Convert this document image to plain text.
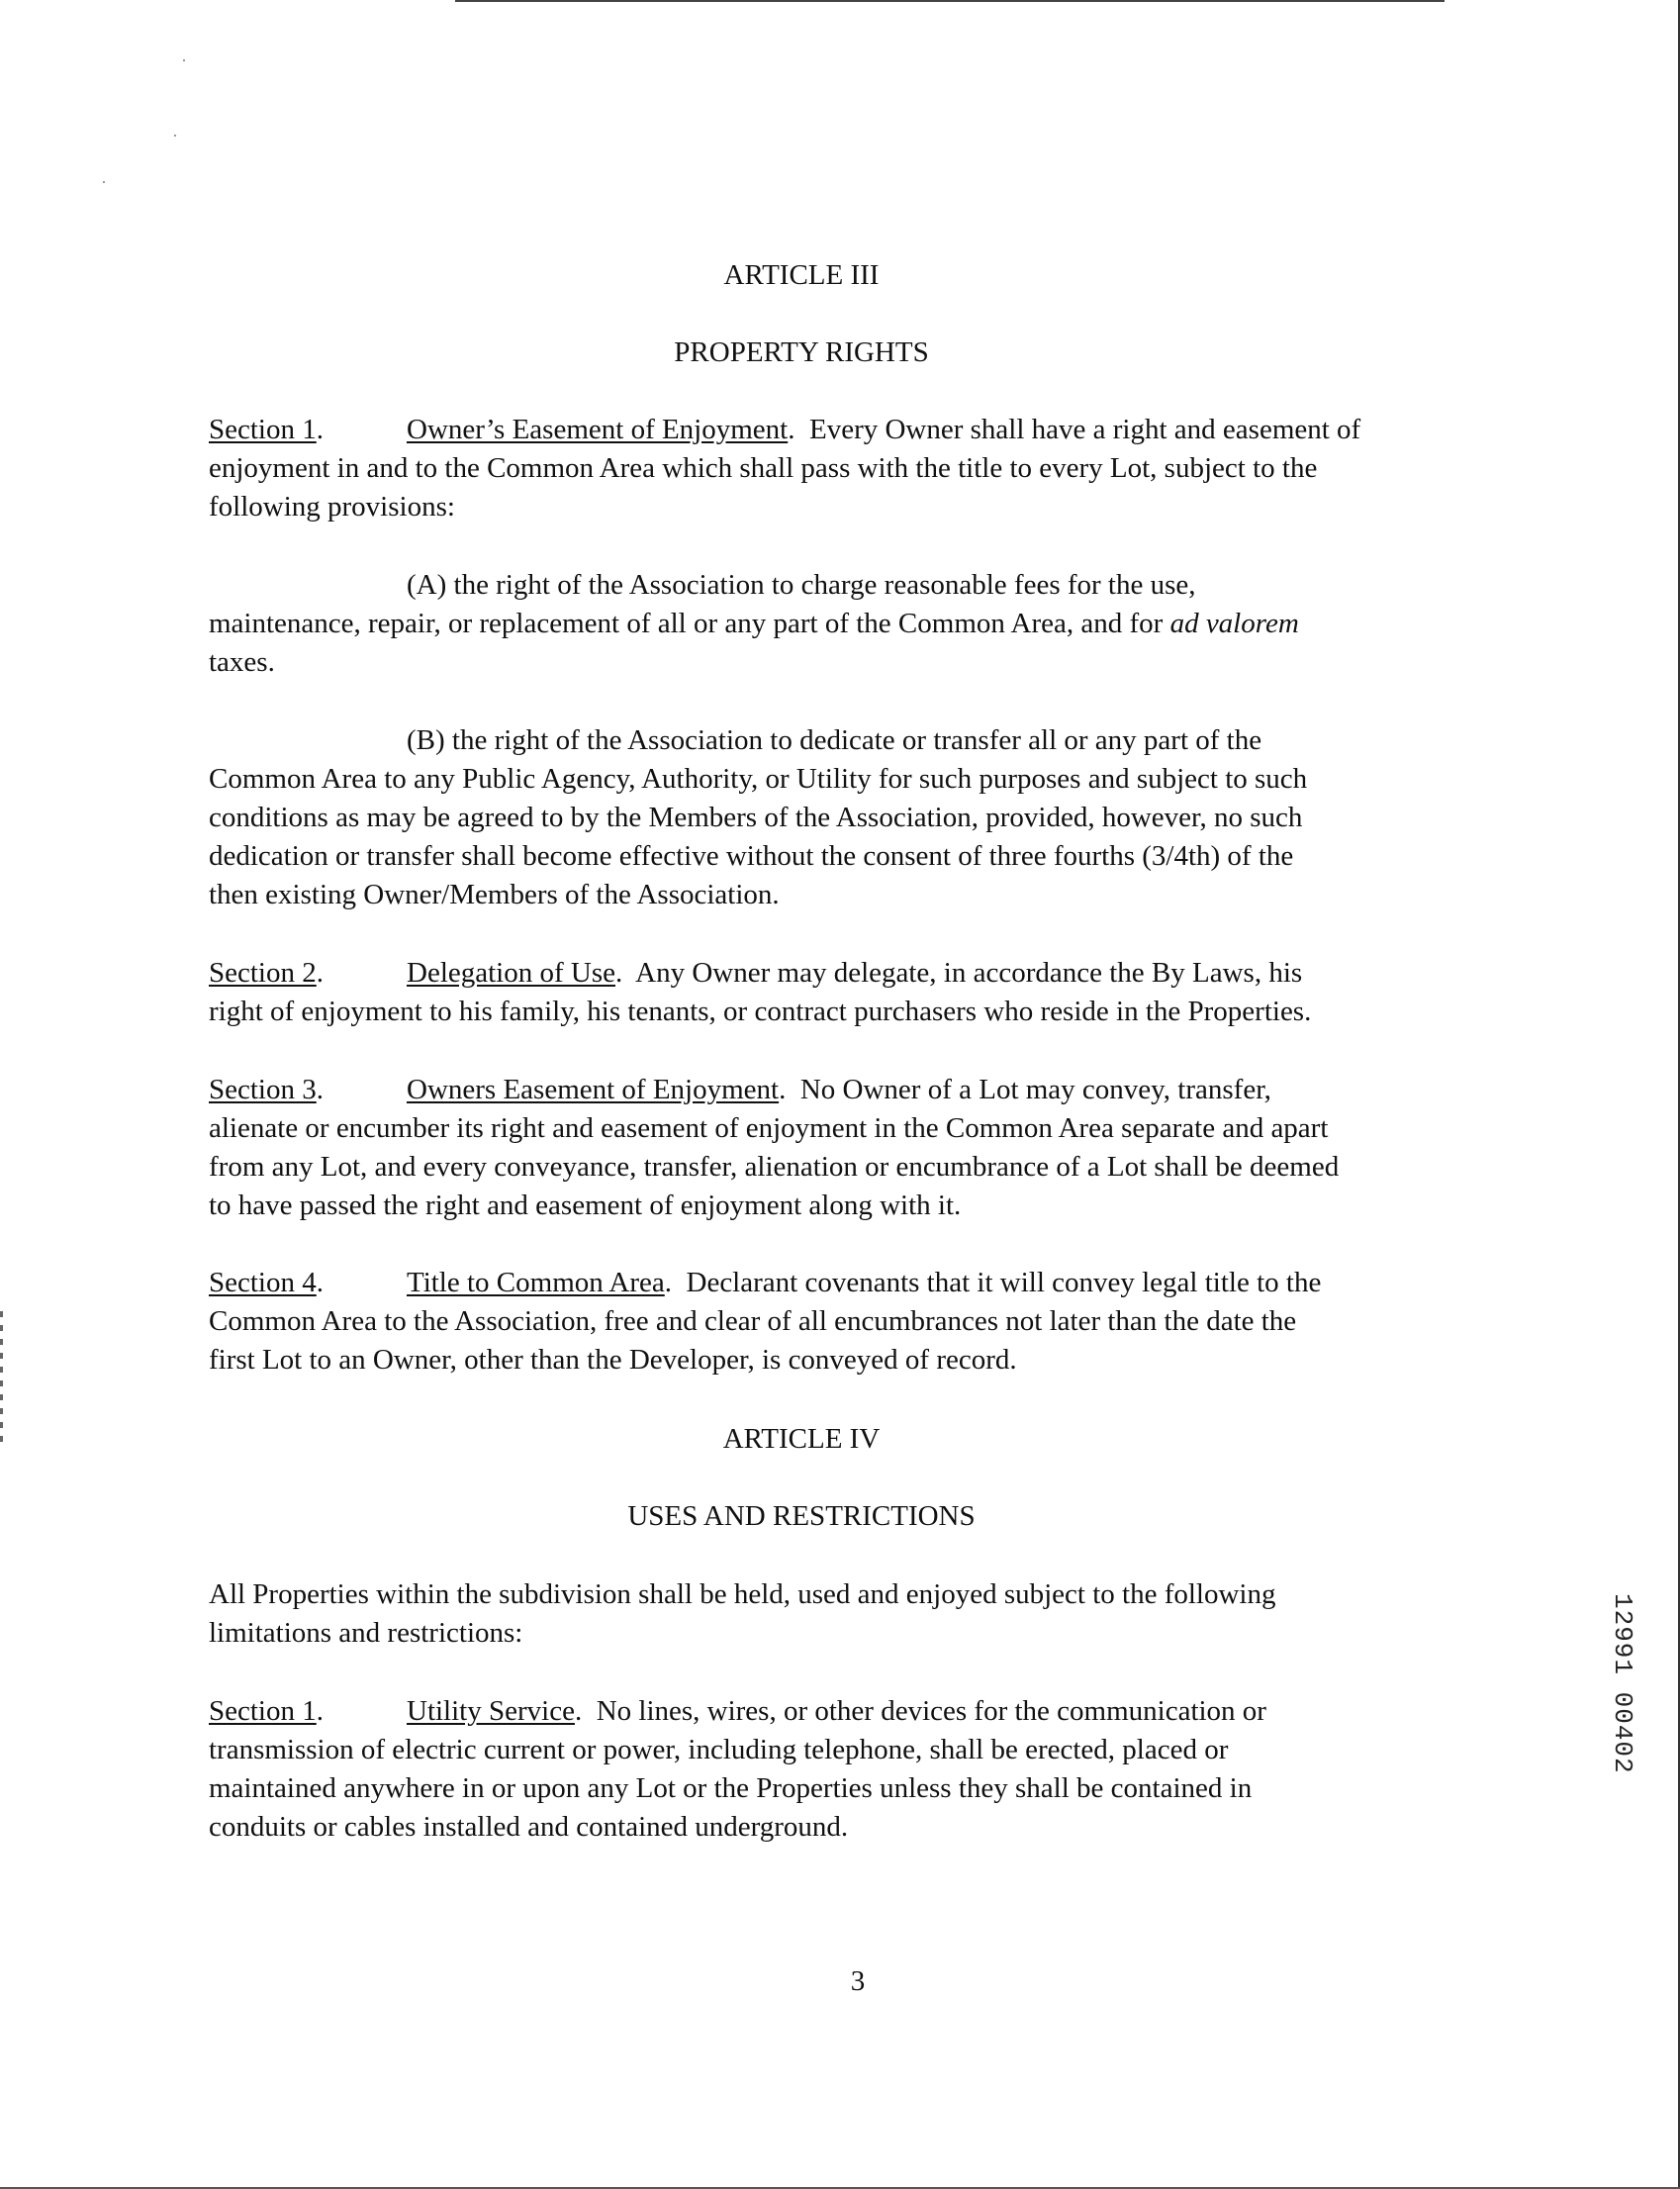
ARTICLE III
PROPERTY RIGHTS

Section 1.	Owner’s Easement of Enjoyment.  Every Owner shall have a right and easement of

enjoyment in and to the Common Area which shall pass with the title to every Lot, subject to the

following provisions:

(A) the right of the Association to charge reasonable fees for the use,

maintenance, repair, or replacement of all or any part of the Common Area, and for ad valorem

taxes.

(B) the right of the Association to dedicate or transfer all or any part of the

Common Area to any Public Agency, Authority, or Utility for such purposes and subject to such

conditions as may be agreed to by the Members of the Association, provided, however, no such

dedication or transfer shall become effective without the consent of three fourths (3/4th) of the

then existing Owner/Members of the Association.

Section 2.	Delegation of Use.  Any Owner may delegate, in accordance the By Laws, his

right of enjoyment to his family, his tenants, or contract purchasers who reside in the Properties.

Section 3.	Owners Easement of Enjoyment.  No Owner of a Lot may convey, transfer,

alienate or encumber its right and easement of enjoyment in the Common Area separate and apart

from any Lot, and every conveyance, transfer, alienation or encumbrance of a Lot shall be deemed

to have passed the right and easement of enjoyment along with it.

Section 4.	Title to Common Area.  Declarant covenants that it will convey legal title to the

Common Area to the Association, free and clear of all encumbrances not later than the date the

first Lot to an Owner, other than the Developer, is conveyed of record.

ARTICLE IV
USES AND RESTRICTIONS

All Properties within the subdivision shall be held, used and enjoyed subject to the following

limitations and restrictions:

Section 1.	Utility Service.  No lines, wires, or other devices for the communication or

transmission of electric current or power, including telephone, shall be erected, placed or

maintained anywhere in or upon any Lot or the Properties unless they shall be contained in

conduits or cables installed and contained underground.

3
12991 00402
